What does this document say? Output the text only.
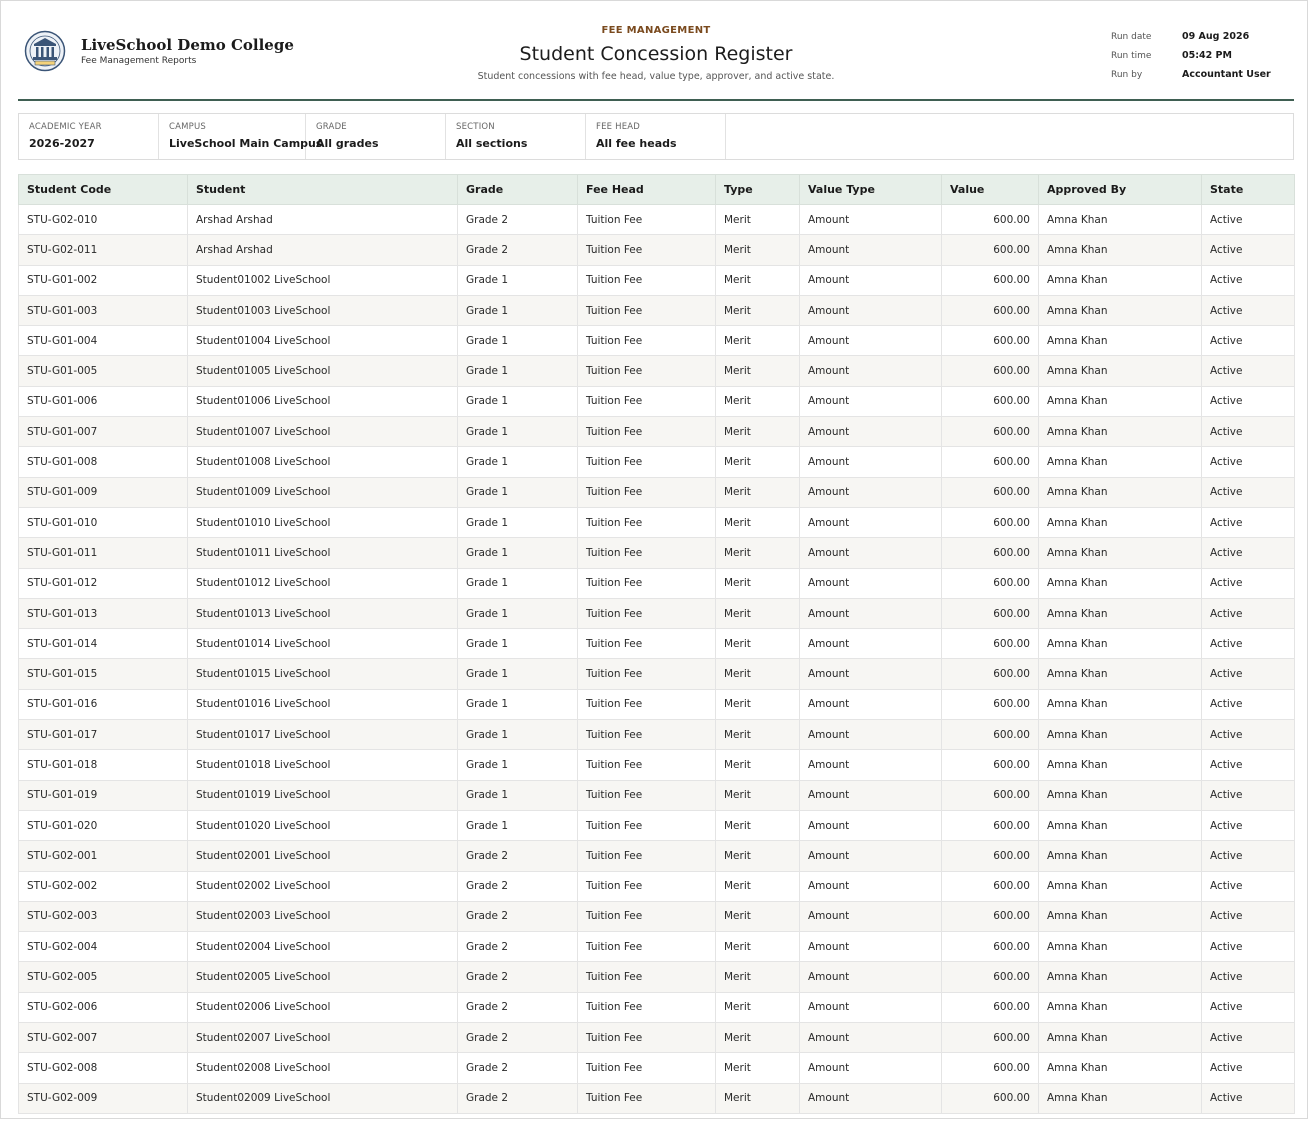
LiveSchool Demo College
Fee Management Reports
FEE MANAGEMENT
Student Concession Register
Student concessions with fee head, value type, approver, and active state.
Run date	09 Aug 2026
Run time	05:42 PM
Run by	Accountant User
ACADEMIC YEAR
2026-2027
CAMPUS
LiveSchool Main Campus
GRADE
All grades
SECTION
All sections
FEE HEAD
All fee heads
Student Code	Student	Grade	Fee Head	Type	Value Type	Value	Approved By	State
STU-G02-010	Arshad Arshad	Grade 2	Tuition Fee	Merit	Amount	600.00	Amna Khan	Active
STU-G02-011	Arshad Arshad	Grade 2	Tuition Fee	Merit	Amount	600.00	Amna Khan	Active
STU-G01-002	Student01002 LiveSchool	Grade 1	Tuition Fee	Merit	Amount	600.00	Amna Khan	Active
STU-G01-003	Student01003 LiveSchool	Grade 1	Tuition Fee	Merit	Amount	600.00	Amna Khan	Active
STU-G01-004	Student01004 LiveSchool	Grade 1	Tuition Fee	Merit	Amount	600.00	Amna Khan	Active
STU-G01-005	Student01005 LiveSchool	Grade 1	Tuition Fee	Merit	Amount	600.00	Amna Khan	Active
STU-G01-006	Student01006 LiveSchool	Grade 1	Tuition Fee	Merit	Amount	600.00	Amna Khan	Active
STU-G01-007	Student01007 LiveSchool	Grade 1	Tuition Fee	Merit	Amount	600.00	Amna Khan	Active
STU-G01-008	Student01008 LiveSchool	Grade 1	Tuition Fee	Merit	Amount	600.00	Amna Khan	Active
STU-G01-009	Student01009 LiveSchool	Grade 1	Tuition Fee	Merit	Amount	600.00	Amna Khan	Active
STU-G01-010	Student01010 LiveSchool	Grade 1	Tuition Fee	Merit	Amount	600.00	Amna Khan	Active
STU-G01-011	Student01011 LiveSchool	Grade 1	Tuition Fee	Merit	Amount	600.00	Amna Khan	Active
STU-G01-012	Student01012 LiveSchool	Grade 1	Tuition Fee	Merit	Amount	600.00	Amna Khan	Active
STU-G01-013	Student01013 LiveSchool	Grade 1	Tuition Fee	Merit	Amount	600.00	Amna Khan	Active
STU-G01-014	Student01014 LiveSchool	Grade 1	Tuition Fee	Merit	Amount	600.00	Amna Khan	Active
STU-G01-015	Student01015 LiveSchool	Grade 1	Tuition Fee	Merit	Amount	600.00	Amna Khan	Active
STU-G01-016	Student01016 LiveSchool	Grade 1	Tuition Fee	Merit	Amount	600.00	Amna Khan	Active
STU-G01-017	Student01017 LiveSchool	Grade 1	Tuition Fee	Merit	Amount	600.00	Amna Khan	Active
STU-G01-018	Student01018 LiveSchool	Grade 1	Tuition Fee	Merit	Amount	600.00	Amna Khan	Active
STU-G01-019	Student01019 LiveSchool	Grade 1	Tuition Fee	Merit	Amount	600.00	Amna Khan	Active
STU-G01-020	Student01020 LiveSchool	Grade 1	Tuition Fee	Merit	Amount	600.00	Amna Khan	Active
STU-G02-001	Student02001 LiveSchool	Grade 2	Tuition Fee	Merit	Amount	600.00	Amna Khan	Active
STU-G02-002	Student02002 LiveSchool	Grade 2	Tuition Fee	Merit	Amount	600.00	Amna Khan	Active
STU-G02-003	Student02003 LiveSchool	Grade 2	Tuition Fee	Merit	Amount	600.00	Amna Khan	Active
STU-G02-004	Student02004 LiveSchool	Grade 2	Tuition Fee	Merit	Amount	600.00	Amna Khan	Active
STU-G02-005	Student02005 LiveSchool	Grade 2	Tuition Fee	Merit	Amount	600.00	Amna Khan	Active
STU-G02-006	Student02006 LiveSchool	Grade 2	Tuition Fee	Merit	Amount	600.00	Amna Khan	Active
STU-G02-007	Student02007 LiveSchool	Grade 2	Tuition Fee	Merit	Amount	600.00	Amna Khan	Active
STU-G02-008	Student02008 LiveSchool	Grade 2	Tuition Fee	Merit	Amount	600.00	Amna Khan	Active
STU-G02-009	Student02009 LiveSchool	Grade 2	Tuition Fee	Merit	Amount	600.00	Amna Khan	Active
